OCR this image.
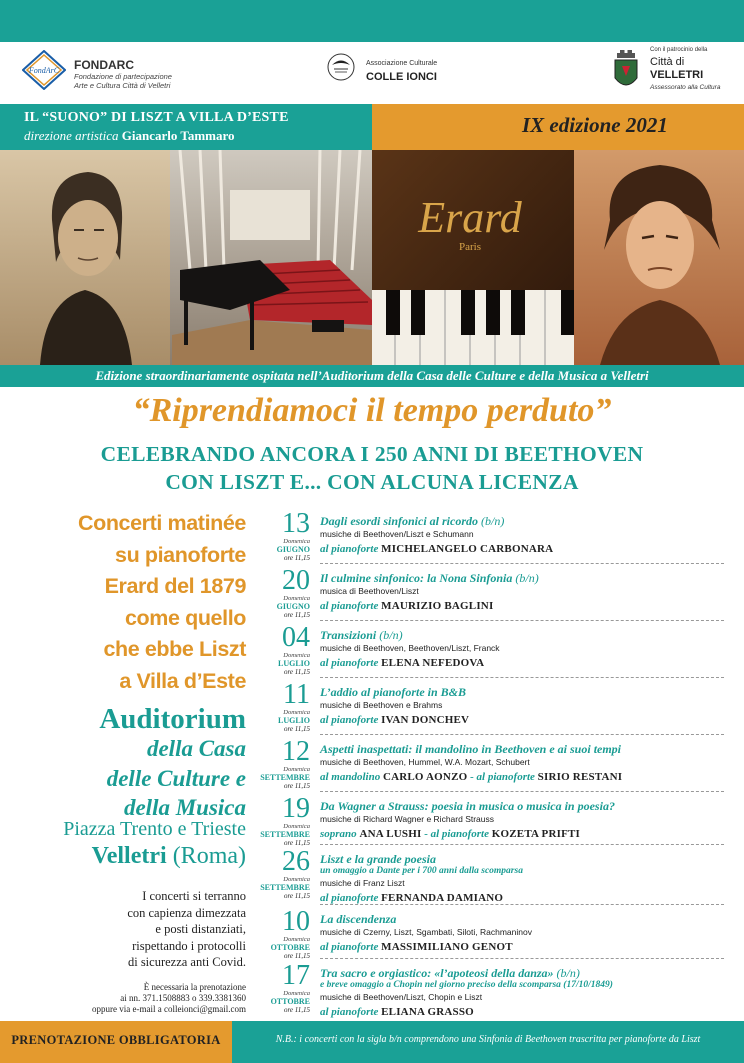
FondArC FONDARC
Fondazione di partecipazione
Arte e Cultura Città di Velletri
Associazione Culturale
COLLE IONCI
Con il patrocinio della
Città di
VELLETRI
Assessorato alla Cultura
IL “SUONO” DI LISZT A VILLA D’ESTE
direzione artistica Giancarlo Tammaro	IX edizione 2021
Erard
Paris
Edizione straordinariamente ospitata nell’Auditorium della Casa delle Culture e della Musica a Velletri
“Riprendiamoci il tempo perduto”
CELEBRANDO ANCORA I 250 ANNI DI BEETHOVEN
CON LISZT E... CON ALCUNA LICENZA
Concerti matinée
su pianoforte
Erard del 1879
come quello
che ebbe Liszt
a Villa d’Este
Auditorium
della Casa
delle Culture e
della Musica
Piazza Trento e Trieste
Velletri (Roma)
I concerti si terranno
con capienza dimezzata
e posti distanziati,
rispettando i protocolli
di sicurezza anti Covid.
È necessaria la prenotazione
ai nn. 371.1508883 o 339.3381360
oppure via e-mail a colleionci@gmail.com
13
Domenica
GIUGNO
ore 11,15
Dagli esordi sinfonici al ricordo (b/n)
musiche di Beethoven/Liszt e Schumann
al pianoforte MICHELANGELO CARBONARA
20
Domenica
GIUGNO
ore 11,15
Il culmine sinfonico: la Nona Sinfonia (b/n)
musica di Beethoven/Liszt
al pianoforte MAURIZIO BAGLINI
04
Domenica
LUGLIO
ore 11,15
Transizioni (b/n)
musiche di Beethoven, Beethoven/Liszt, Franck
al pianoforte ELENA NEFEDOVA
11
Domenica
LUGLIO
ore 11,15
L’addio al pianoforte in B&B
musiche di Beethoven e Brahms
al pianoforte IVAN DONCHEV
12
Domenica
SETTEMBRE
ore 11,15
Aspetti inaspettati: il mandolino in Beethoven e ai suoi tempi
musiche di Beethoven, Hummel, W.A. Mozart, Schubert
al mandolino CARLO AONZO - al pianoforte SIRIO RESTANI
19
Domenica
SETTEMBRE
ore 11,15
Da Wagner a Strauss: poesia in musica o musica in poesia?
musiche di Richard Wagner e Richard Strauss
soprano ANA LUSHI - al pianoforte KOZETA PRIFTI
26
Domenica
SETTEMBRE
ore 11,15
Liszt e la grande poesia
un omaggio a Dante per i 700 anni dalla scomparsa
musiche di Franz Liszt
al pianoforte FERNANDA DAMIANO
10
Domenica
OTTOBRE
ore 11,15
La discendenza
musiche di Czerny, Liszt, Sgambati, Siloti, Rachmaninov
al pianoforte MASSIMILIANO GENOT
17
Domenica
OTTOBRE
ore 11,15
Tra sacro e orgiastico: «l’apoteosi della danza» (b/n)
e breve omaggio a Chopin nel giorno preciso della scomparsa (17/10/1849)
musiche di Beethoven/Liszt, Chopin e Liszt
al pianoforte ELIANA GRASSO
PRENOTAZIONE OBBLIGATORIA	N.B.: i concerti con la sigla b/n comprendono una Sinfonia di Beethoven trascritta per pianoforte da Liszt
